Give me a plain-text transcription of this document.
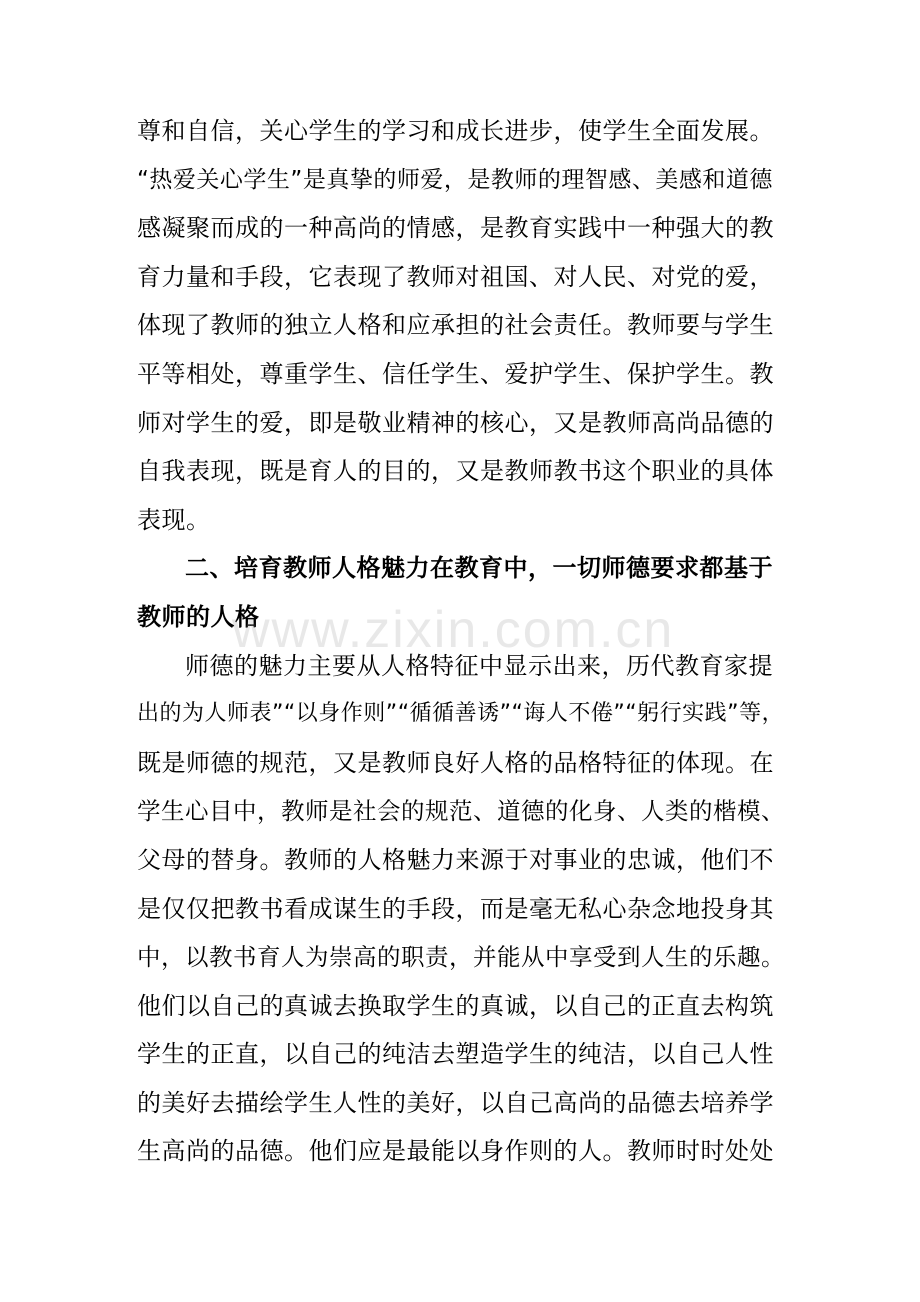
尊和自信，关心学生的学习和成长进步，使学生全面发展。
“热爱关心学生”是真挚的师爱，是教师的理智感、美感和道德
感凝聚而成的一种高尚的情感，是教育实践中一种强大的教
育力量和手段，它表现了教师对祖国、对人民、对党的爱，
体现了教师的独立人格和应承担的社会责任。教师要与学生
平等相处，尊重学生、信任学生、爱护学生、保护学生。教
师对学生的爱，即是敬业精神的核心，又是教师高尚品德的
自我表现，既是育人的目的，又是教师教书这个职业的具体
表现。
二、培育教师人格魅力在教育中，一切师德要求都基于
教师的人格
师德的魅力主要从人格特征中显示出来，历代教育家提
出的为人师表”“以身作则”“循循善诱”“诲人不倦”“躬行实践”等，
既是师德的规范，又是教师良好人格的品格特征的体现。在
学生心目中，教师是社会的规范、道德的化身、人类的楷模、
父母的替身。教师的人格魅力来源于对事业的忠诚，他们不
是仅仅把教书看成谋生的手段，而是毫无私心杂念地投身其
中，以教书育人为崇高的职责，并能从中享受到人生的乐趣。
他们以自己的真诚去换取学生的真诚，以自己的正直去构筑
学生的正直，以自己的纯洁去塑造学生的纯洁，以自己人性
的美好去描绘学生人性的美好，以自己高尚的品德去培养学
生高尚的品德。他们应是最能以身作则的人。教师时时处处
www.zixin.com.cn
